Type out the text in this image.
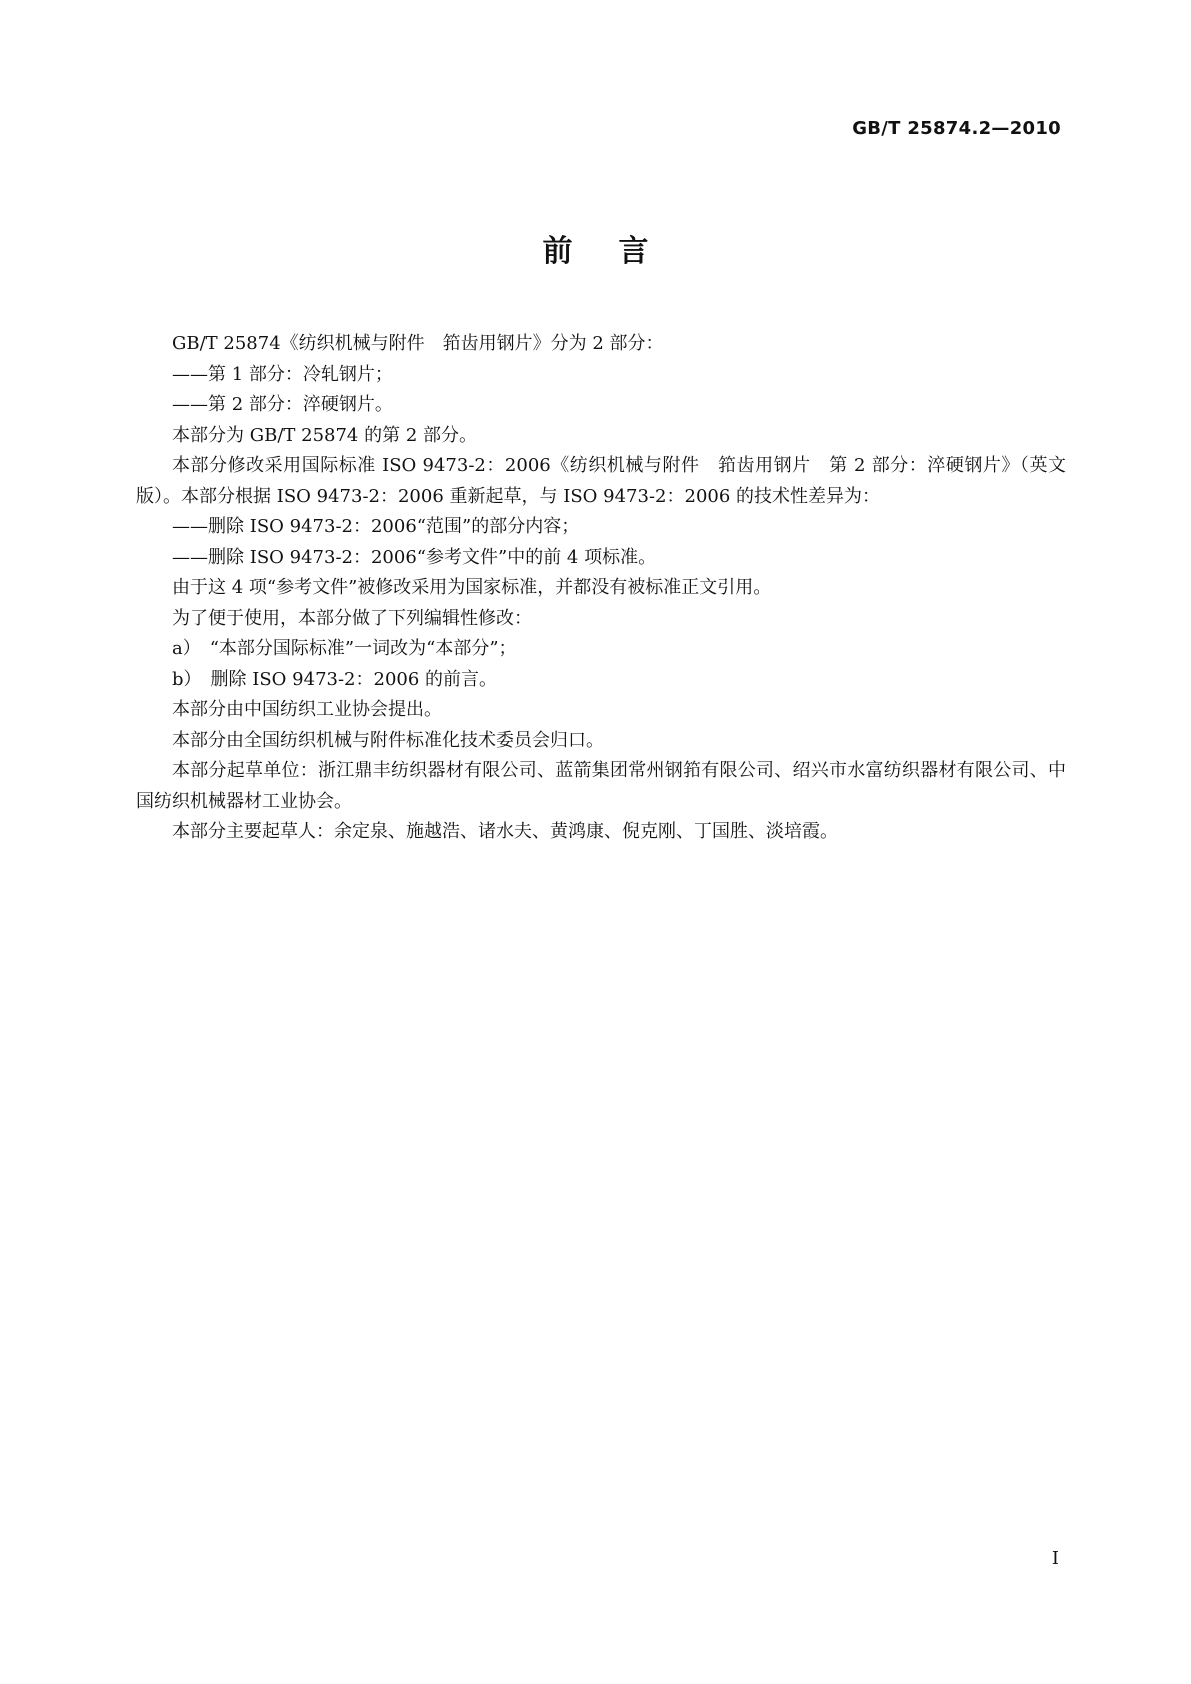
GB/T 25874.2—2010
前言

GB/T 25874《纺织机械与附件　筘齿用钢片》分为 2 部分：

——第 1 部分：冷轧钢片；

——第 2 部分：淬硬钢片。

本部分为 GB/T 25874 的第 2 部分。

本部分修改采用国际标准 ISO 9473-2：2006《纺织机械与附件　筘齿用钢片　第 2 部分：淬硬钢片》（英文版）。本部分根据 ISO 9473-2：2006 重新起草，与 ISO 9473-2：2006 的技术性差异为：

——删除 ISO 9473-2：2006“范围”的部分内容；

——删除 ISO 9473-2：2006“参考文件”中的前 4 项标准。

由于这 4 项“参考文件”被修改采用为国家标准，并都没有被标准正文引用。

为了便于使用，本部分做了下列编辑性修改：

a）　“本部分国际标准”一词改为“本部分”；

b）　删除 ISO 9473-2：2006 的前言。

本部分由中国纺织工业协会提出。

本部分由全国纺织机械与附件标准化技术委员会归口。

本部分起草单位：浙江鼎丰纺织器材有限公司、蓝箭集团常州钢筘有限公司、绍兴市水富纺织器材有限公司、中国纺织机械器材工业协会。

本部分主要起草人：余定泉、施越浩、诸水夫、黄鸿康、倪克刚、丁国胜、淡培霞。

I
